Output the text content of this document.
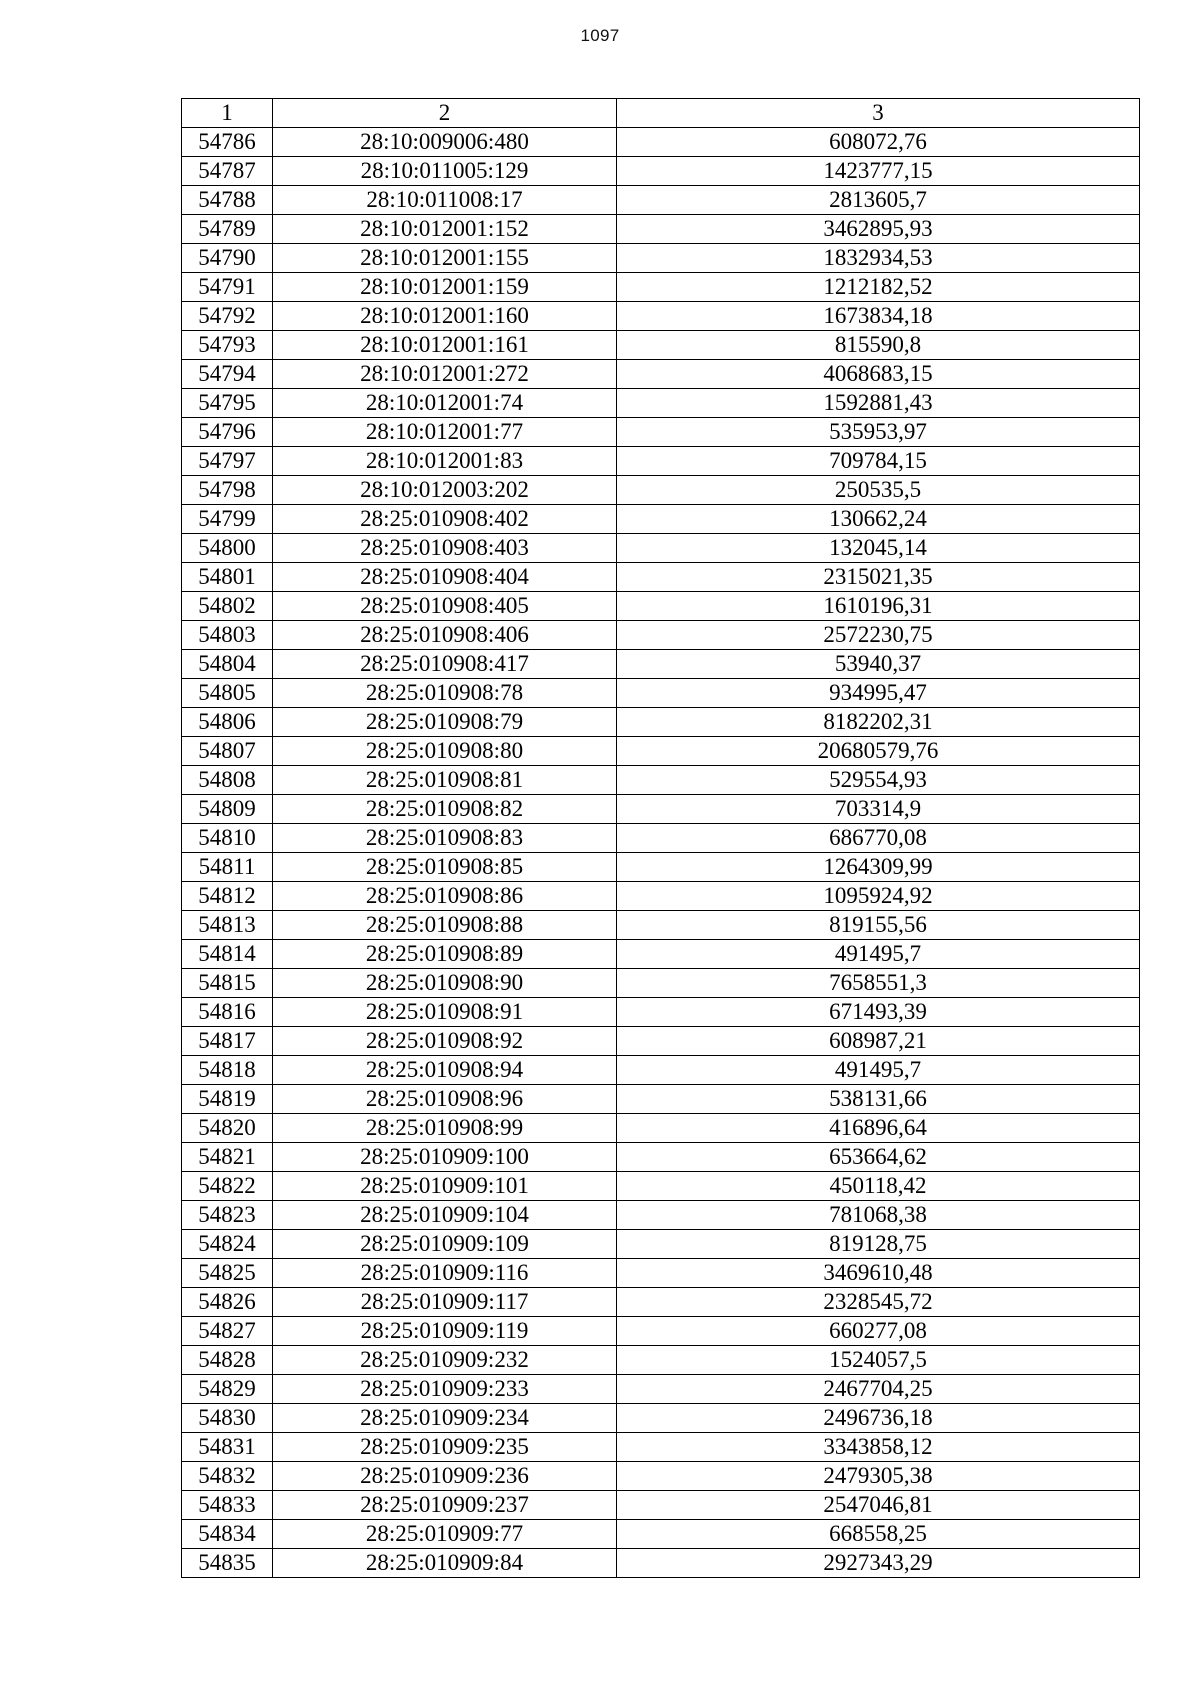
1097
1	2	3
54786	28:10:009006:480	608072,76
54787	28:10:011005:129	1423777,15
54788	28:10:011008:17	2813605,7
54789	28:10:012001:152	3462895,93
54790	28:10:012001:155	1832934,53
54791	28:10:012001:159	1212182,52
54792	28:10:012001:160	1673834,18
54793	28:10:012001:161	815590,8
54794	28:10:012001:272	4068683,15
54795	28:10:012001:74	1592881,43
54796	28:10:012001:77	535953,97
54797	28:10:012001:83	709784,15
54798	28:10:012003:202	250535,5
54799	28:25:010908:402	130662,24
54800	28:25:010908:403	132045,14
54801	28:25:010908:404	2315021,35
54802	28:25:010908:405	1610196,31
54803	28:25:010908:406	2572230,75
54804	28:25:010908:417	53940,37
54805	28:25:010908:78	934995,47
54806	28:25:010908:79	8182202,31
54807	28:25:010908:80	20680579,76
54808	28:25:010908:81	529554,93
54809	28:25:010908:82	703314,9
54810	28:25:010908:83	686770,08
54811	28:25:010908:85	1264309,99
54812	28:25:010908:86	1095924,92
54813	28:25:010908:88	819155,56
54814	28:25:010908:89	491495,7
54815	28:25:010908:90	7658551,3
54816	28:25:010908:91	671493,39
54817	28:25:010908:92	608987,21
54818	28:25:010908:94	491495,7
54819	28:25:010908:96	538131,66
54820	28:25:010908:99	416896,64
54821	28:25:010909:100	653664,62
54822	28:25:010909:101	450118,42
54823	28:25:010909:104	781068,38
54824	28:25:010909:109	819128,75
54825	28:25:010909:116	3469610,48
54826	28:25:010909:117	2328545,72
54827	28:25:010909:119	660277,08
54828	28:25:010909:232	1524057,5
54829	28:25:010909:233	2467704,25
54830	28:25:010909:234	2496736,18
54831	28:25:010909:235	3343858,12
54832	28:25:010909:236	2479305,38
54833	28:25:010909:237	2547046,81
54834	28:25:010909:77	668558,25
54835	28:25:010909:84	2927343,29
